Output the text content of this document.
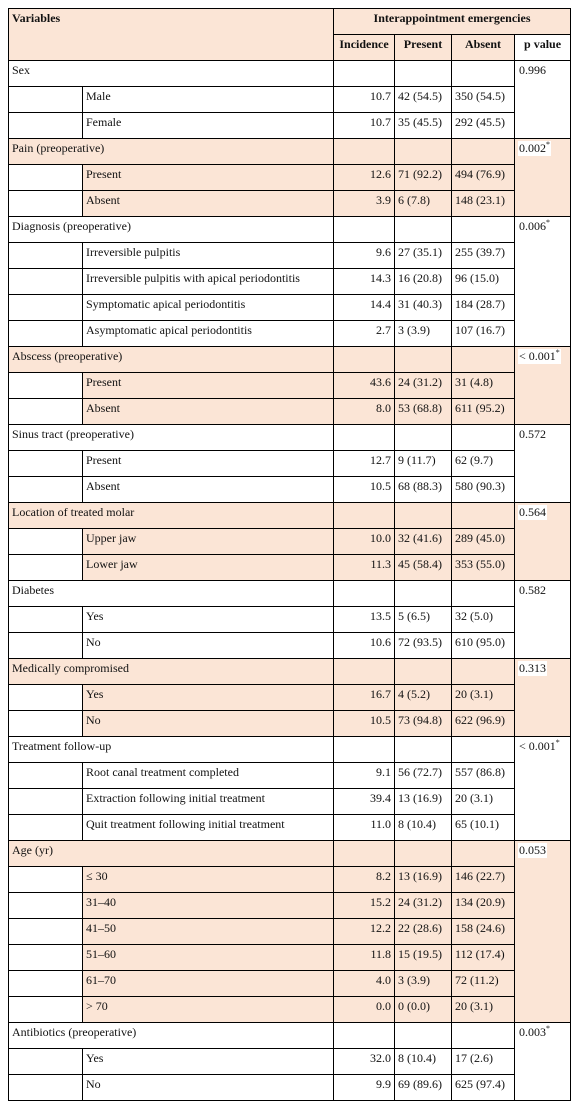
Variables		Interappointment emergencies			
		Incidence	Present	Absent	p value
Sex					0.996
	Male	10.7	42 (54.5)	350 (54.5)	
	Female	10.7	35 (45.5)	292 (45.5)	
Pain (preoperative)					0.002*
	Present	12.6	71 (92.2)	494 (76.9)	
	Absent	3.9	6 (7.8)	148 (23.1)	
Diagnosis (preoperative)					0.006*
	Irreversible pulpitis	9.6	27 (35.1)	255 (39.7)	
	Irreversible pulpitis with apical periodontitis	14.3	16 (20.8)	96 (15.0)	
	Symptomatic apical periodontitis	14.4	31 (40.3)	184 (28.7)	
	Asymptomatic apical periodontitis	2.7	3 (3.9)	107 (16.7)	
Abscess (preoperative)					< 0.001*
	Present	43.6	24 (31.2)	31 (4.8)	
	Absent	8.0	53 (68.8)	611 (95.2)	
Sinus tract (preoperative)					0.572
	Present	12.7	9 (11.7)	62 (9.7)	
	Absent	10.5	68 (88.3)	580 (90.3)	
Location of treated molar					0.564
	Upper jaw	10.0	32 (41.6)	289 (45.0)	
	Lower jaw	11.3	45 (58.4)	353 (55.0)	
Diabetes					0.582
	Yes	13.5	5 (6.5)	32 (5.0)	
	No	10.6	72 (93.5)	610 (95.0)	
Medically compromised					0.313
	Yes	16.7	4 (5.2)	20 (3.1)	
	No	10.5	73 (94.8)	622 (96.9)	
Treatment follow-up					< 0.001*
	Root canal treatment completed	9.1	56 (72.7)	557 (86.8)	
	Extraction following initial treatment	39.4	13 (16.9)	20 (3.1)	
	Quit treatment following initial treatment	11.0	8 (10.4)	65 (10.1)	
Age (yr)					0.053
	≤ 30	8.2	13 (16.9)	146 (22.7)	
	31–40	15.2	24 (31.2)	134 (20.9)	
	41–50	12.2	22 (28.6)	158 (24.6)	
	51–60	11.8	15 (19.5)	112 (17.4)	
	61–70	4.0	3 (3.9)	72 (11.2)	
	> 70	0.0	0 (0.0)	20 (3.1)	
Antibiotics (preoperative)					0.003*
	Yes	32.0	8 (10.4)	17 (2.6)	
	No	9.9	69 (89.6)	625 (97.4)	
